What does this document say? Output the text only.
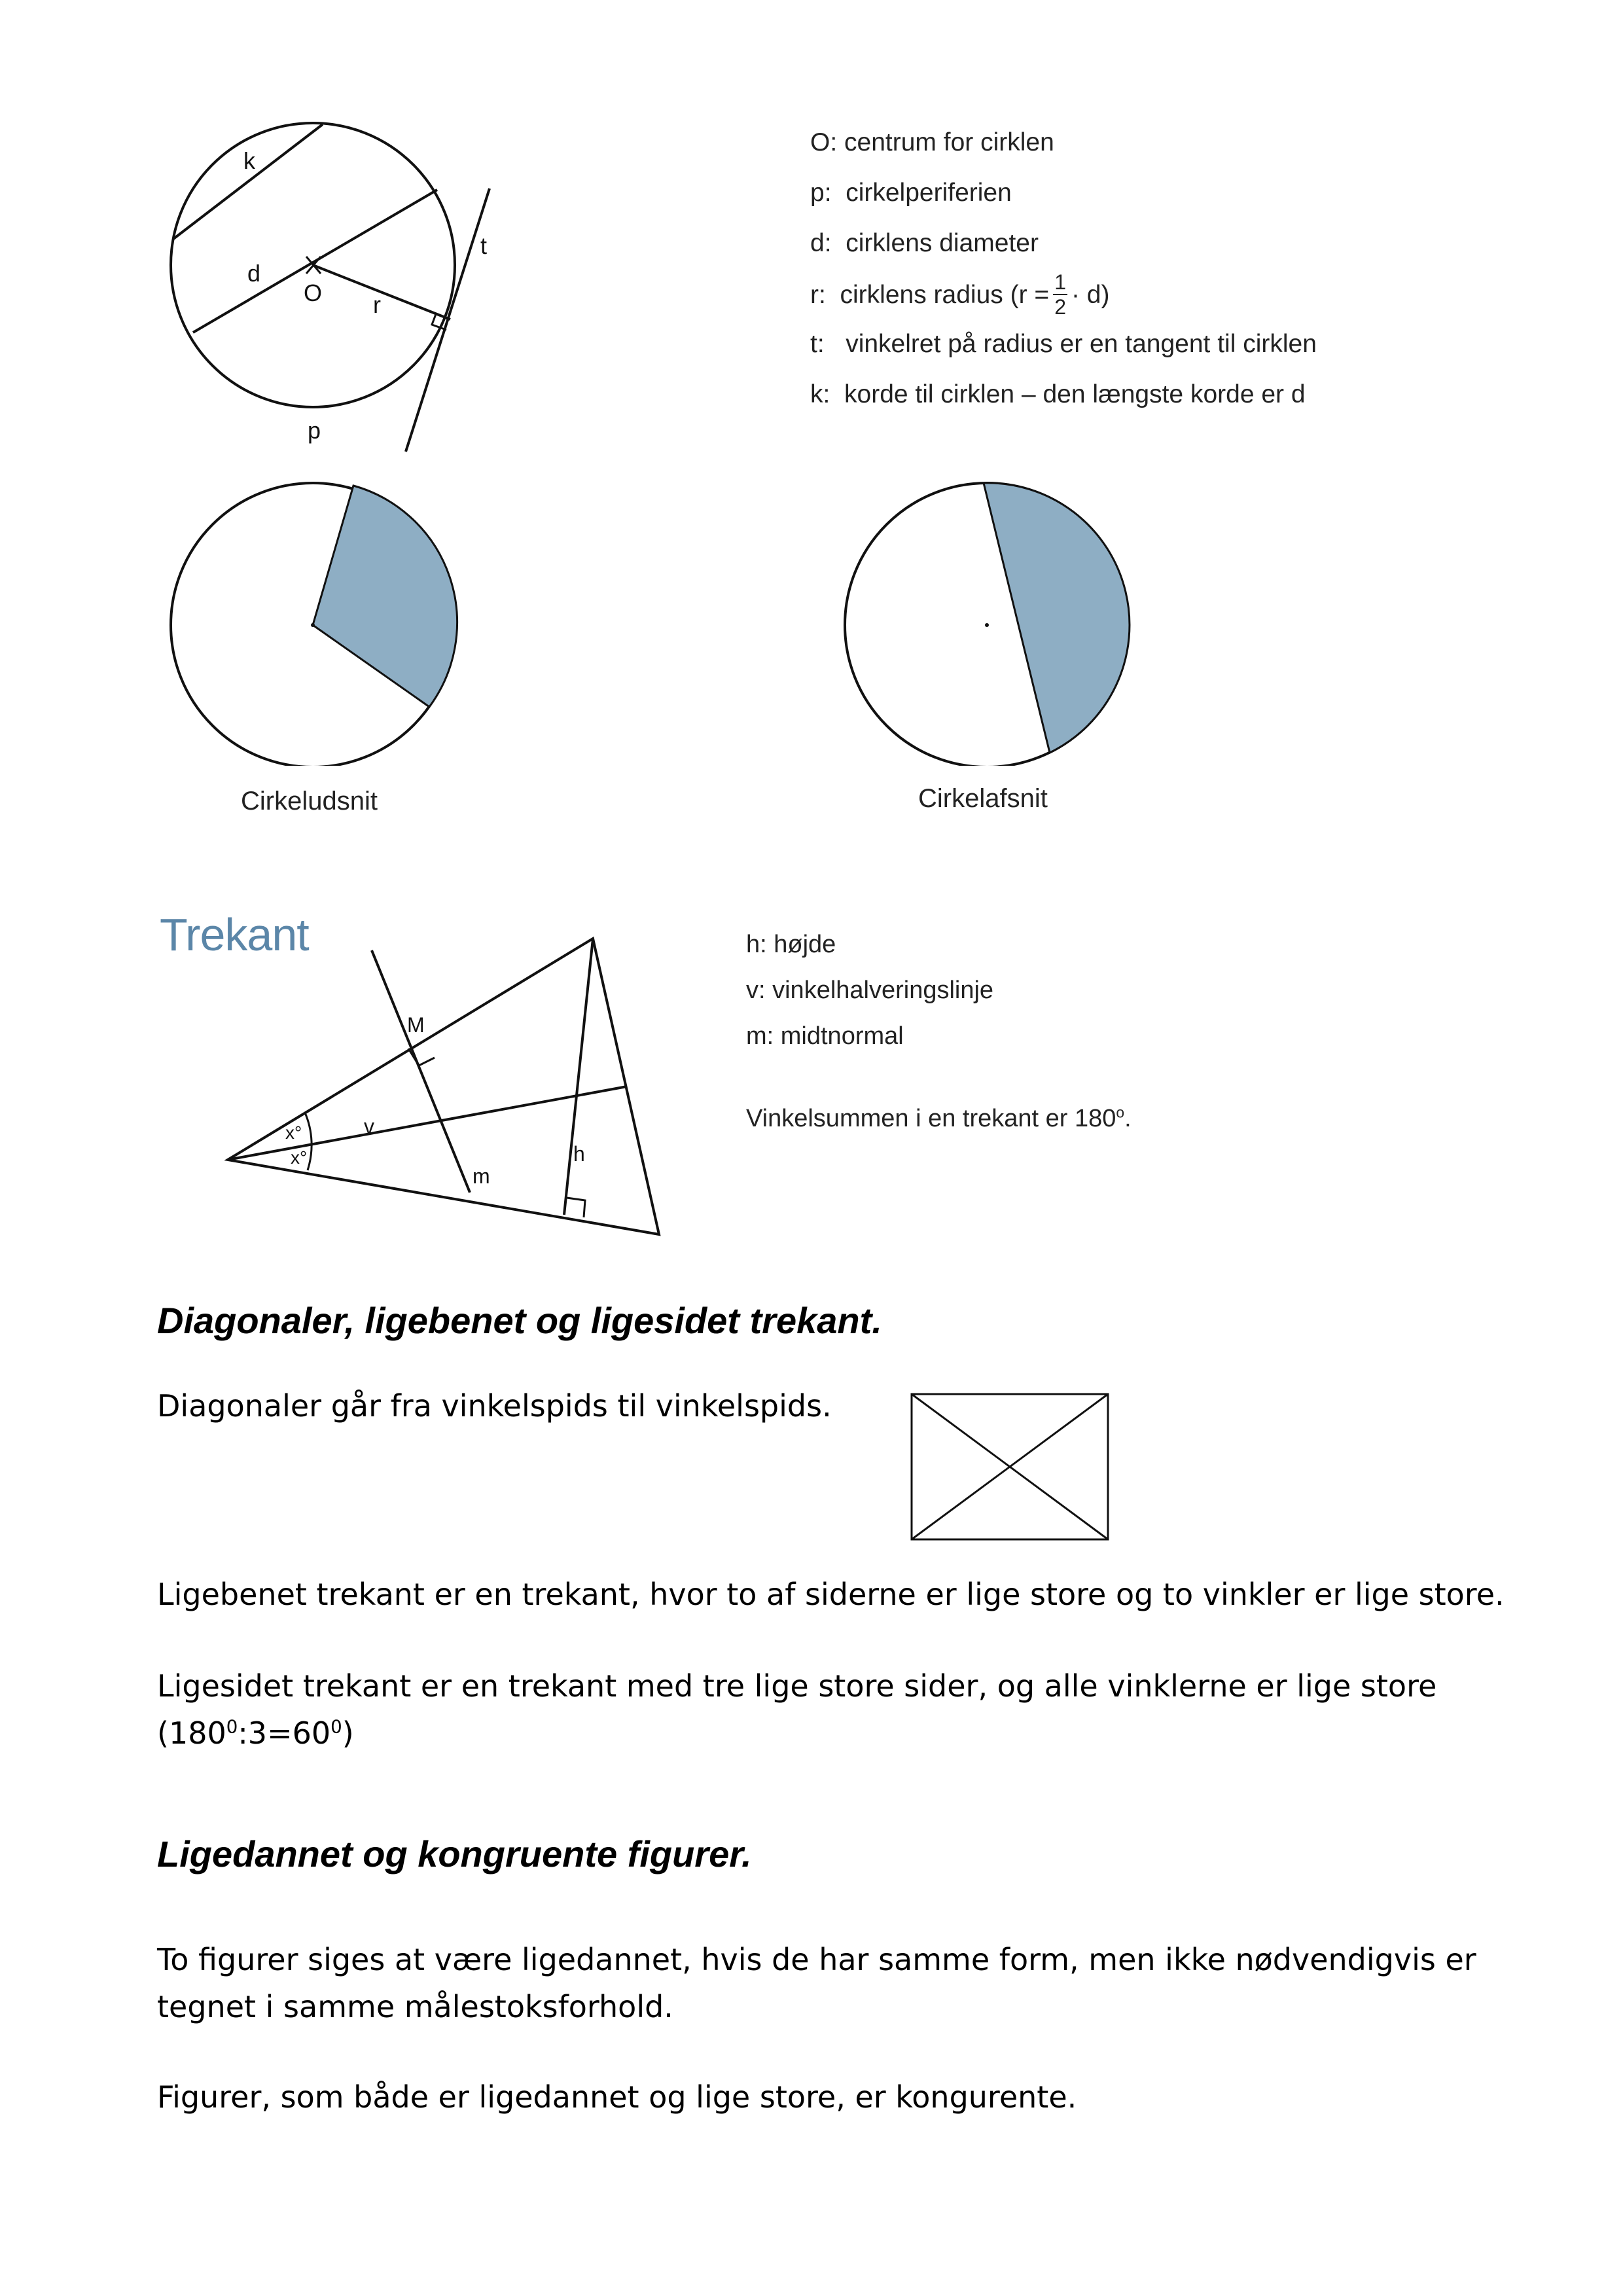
k
d
O r
t
p
O: centrum for cirklen
p: cirkelperiferien
d: cirklens diameter
r:
cirklens radius $(r = \frac{1}{2} \cdot d)$
t: vinkelret på radius er en tangent til cirklen
k: korde til cirklen – den længste korde er d
Cirkeludsnit	Cirkelafsnit
Trekant
M
v
m
h
x°
x°
h: højde
v: vinkelhalveringslinje
m: midtnormal
Vinkelsummen i en trekant er 180$^o$.
Diagonaler, ligebenet og ligesidet trekant.
Diagonaler går fra vinkelspids til vinkelspids.
Ligebenet trekant er en trekant, hvor to af siderne er lige store og to vinkler er lige store.
Ligesidet trekant er en trekant med tre lige store sider, og alle vinklerne er lige store
$(180^0:3=60^0)$
Ligedannet og kongruente figurer.
To figurer siges at være ligedannet, hvis de har samme form, men ikke nødvendigvis er tegnet i samme målestoksforhold.
Figurer, som både er ligedannet og lige store, er kongurente.
